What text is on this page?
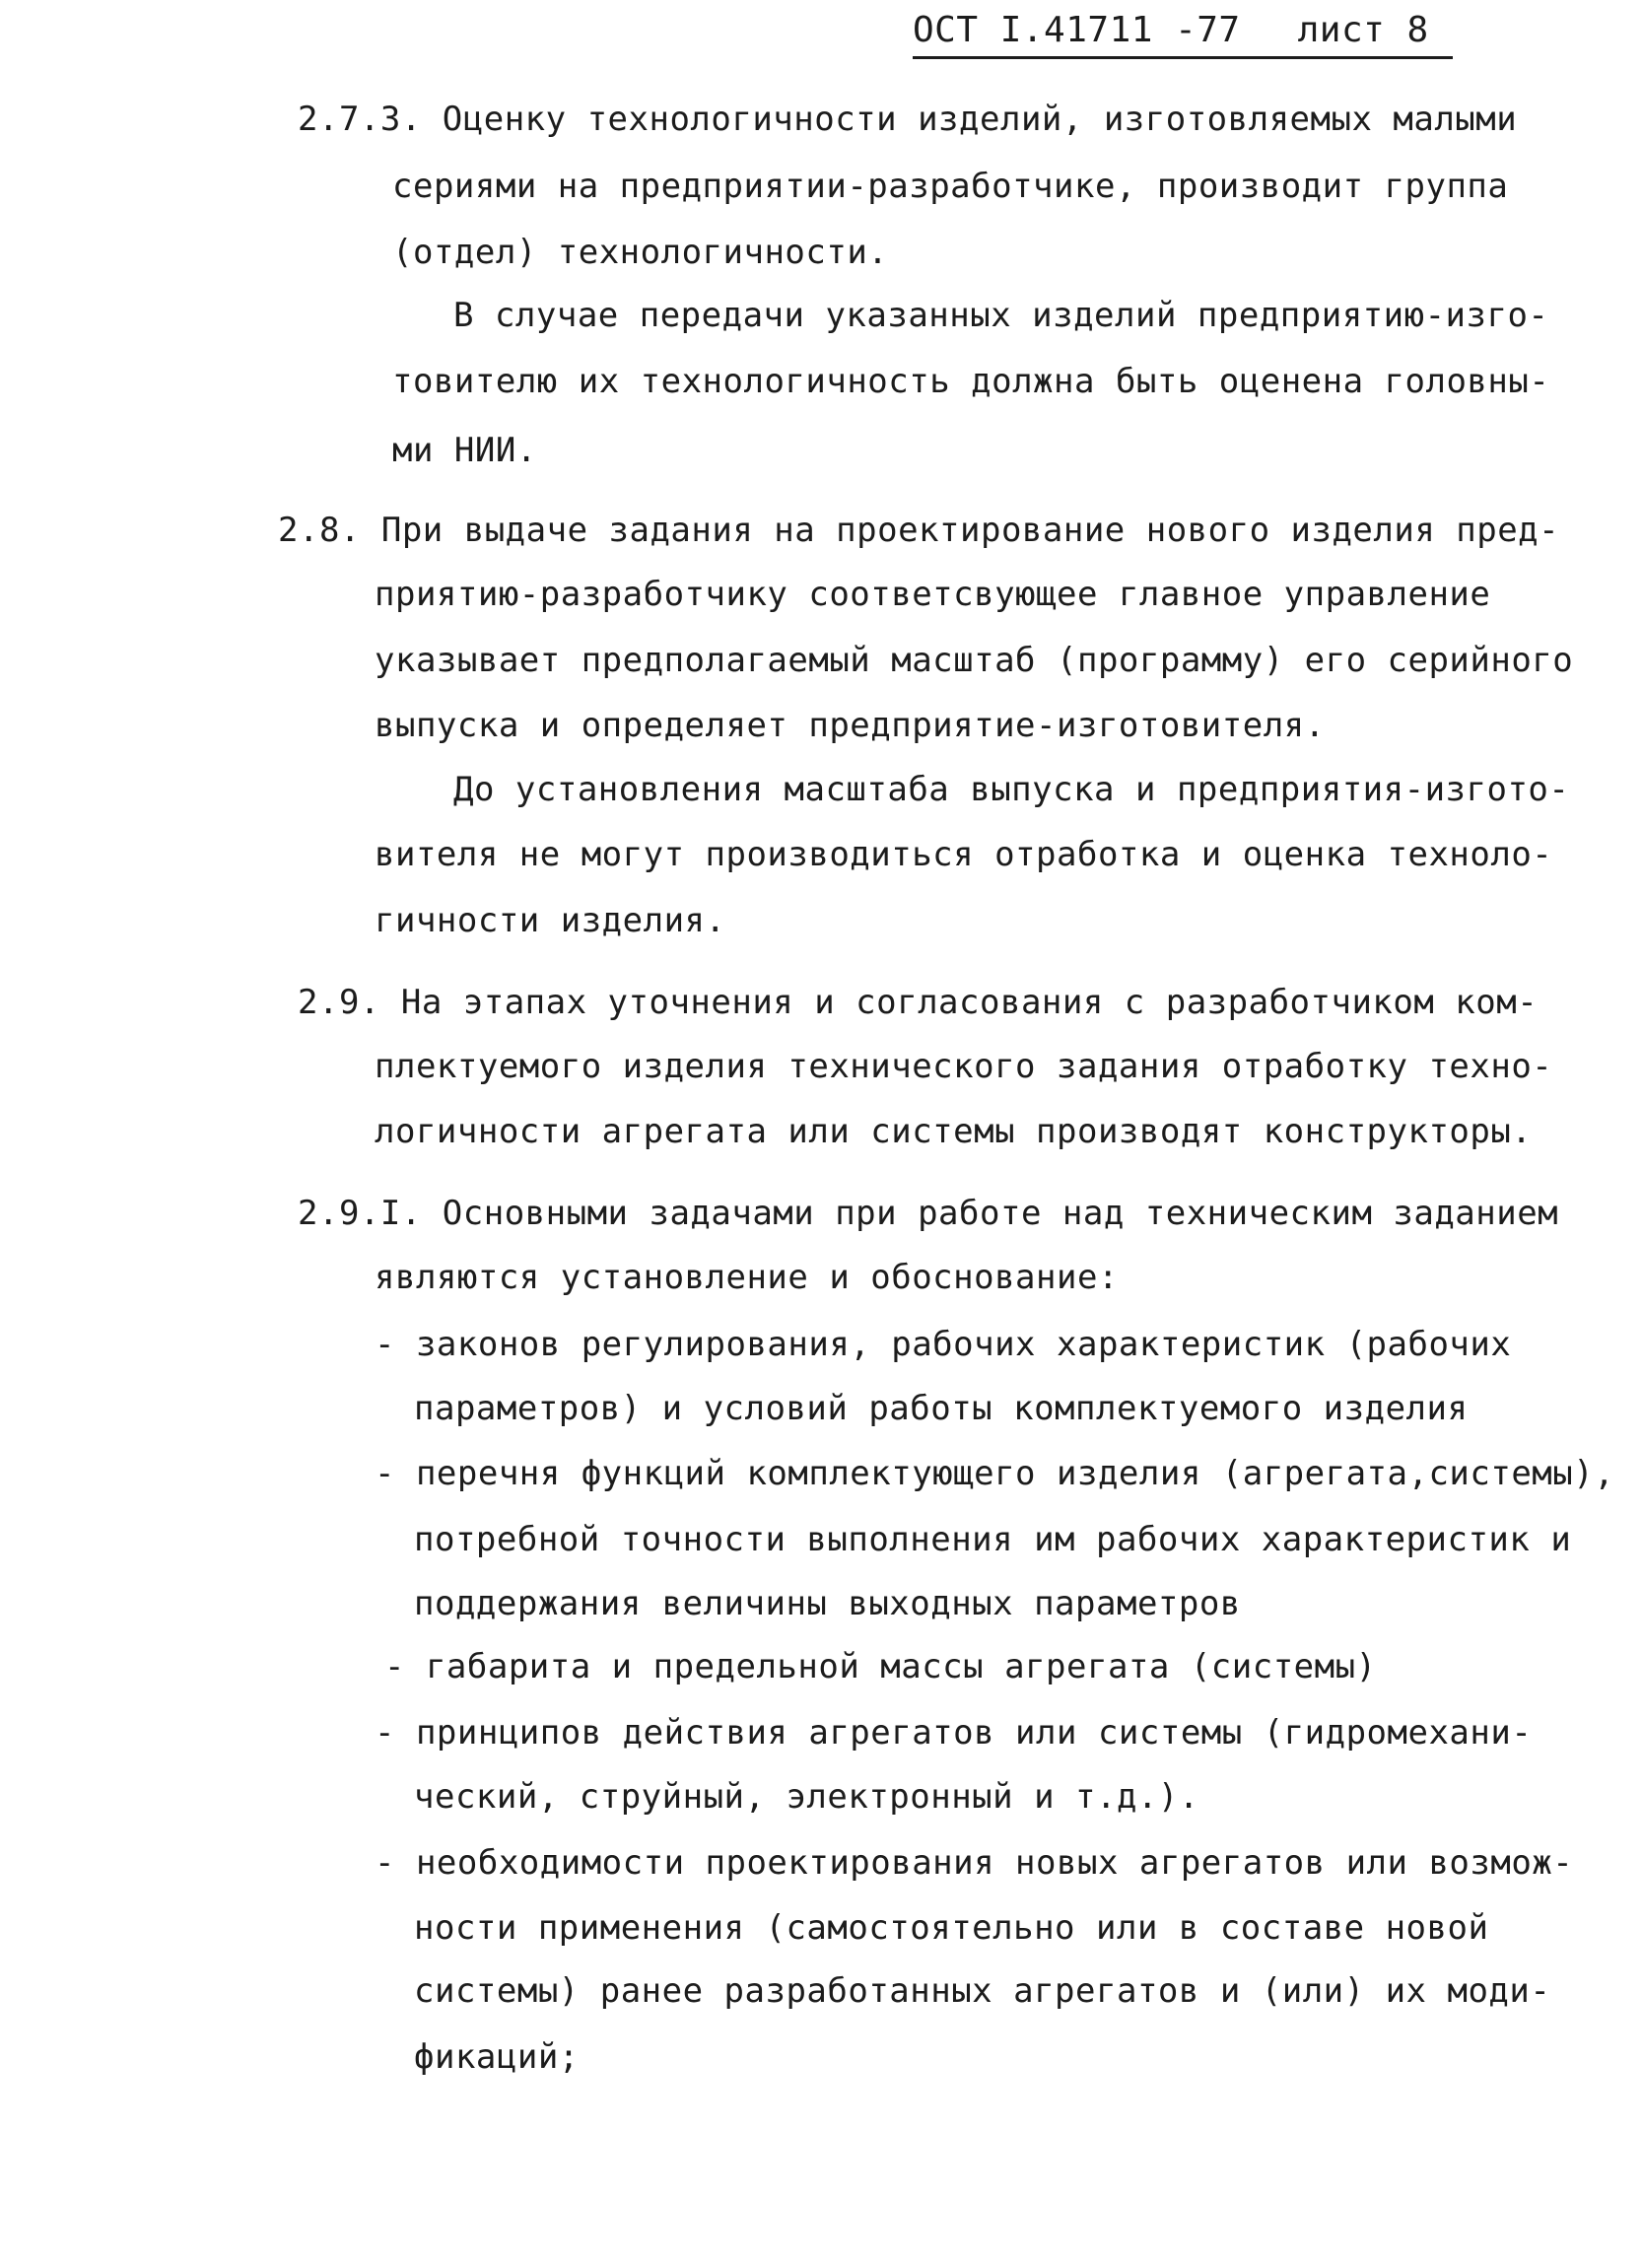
ОСТ I.41711 -77 лист 8
2.7.3. Оценку технологичности изделий, изготовляемых малыми
сериями на предприятии-разработчике, производит группа
(отдел) технологичности.
В случае передачи указанных изделий предприятию-изго-
товителю их технологичность должна быть оценена головны-
ми НИИ.
2.8. При выдаче задания на проектирование нового изделия пред-
приятию-разработчику соответсвующее главное управление
указывает предполагаемый масштаб (программу) его серийного
выпуска и определяет предприятие-изготовителя.
До установления масштаба выпуска и предприятия-изгото-
вителя не могут производиться отработка и оценка техноло-
гичности изделия.
2.9. На этапах уточнения и согласования с разработчиком ком-
плектуемого изделия технического задания отработку техно-
логичности агрегата или системы производят конструкторы.
2.9.I. Основными задачами при работе над техническим заданием
являются установление и обоснование:
- законов регулирования, рабочих характеристик (рабочих
параметров) и условий работы комплектуемого изделия
- перечня функций комплектующего изделия (агрегата,системы),
потребной точности выполнения им рабочих характеристик и
поддержания величины выходных параметров
- габарита и предельной массы агрегата (системы)
- принципов действия агрегатов или системы (гидромехани-
ческий, струйный, электронный и т.д.).
- необходимости проектирования новых агрегатов или возмож-
ности применения (самостоятельно или в составе новой
системы) ранее разработанных агрегатов и (или) их моди-
фикаций;
